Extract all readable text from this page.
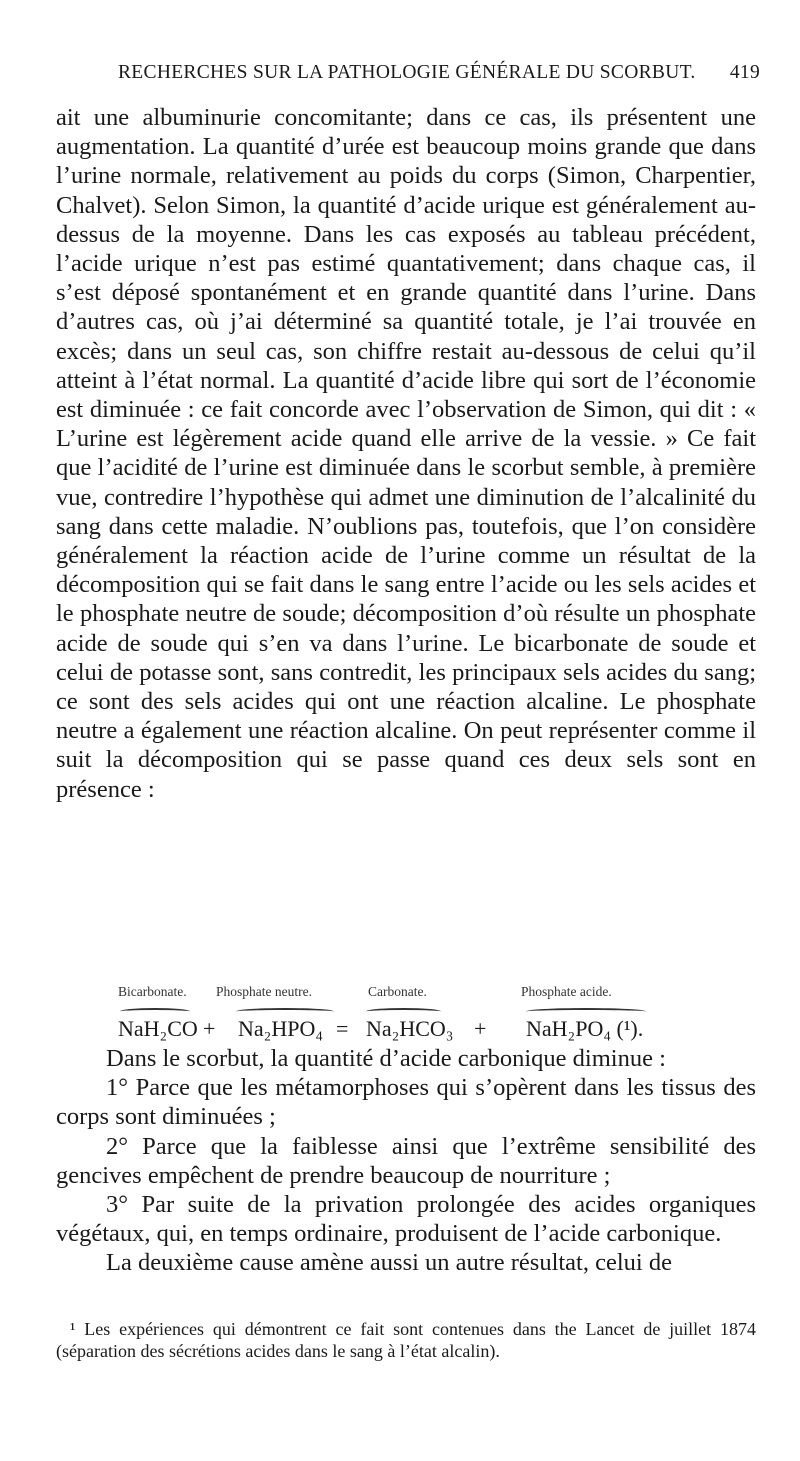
RECHERCHES SUR LA PATHOLOGIE GÉNÉRALE DU SCORBUT. 419

ait une albuminurie concomitante; dans ce cas, ils présentent une augmentation. La quantité d’urée est beaucoup moins grande que dans l’urine normale, relativement au poids du corps (Simon, Charpentier, Chalvet). Selon Simon, la quantité d’acide urique est généralement au-dessus de la moyenne. Dans les cas exposés au tableau précédent, l’acide urique n’est pas estimé quantativement; dans chaque cas, il s’est déposé spontanément et en grande quantité dans l’urine. Dans d’autres cas, où j’ai déterminé sa quantité totale, je l’ai trouvée en excès; dans un seul cas, son chiffre restait au-dessous de celui qu’il atteint à l’état normal. La quantité d’acide libre qui sort de l’économie est diminuée : ce fait concorde avec l’observation de Simon, qui dit : « L’urine est légèrement acide quand elle arrive de la vessie. » Ce fait que l’acidité de l’urine est diminuée dans le scorbut semble, à première vue, contredire l’hypothèse qui admet une diminution de l’alcalinité du sang dans cette maladie. N’oublions pas, toutefois, que l’on considère généralement la réaction acide de l’urine comme un résultat de la décomposition qui se fait dans le sang entre l’acide ou les sels acides et le phosphate neutre de soude; décomposition d’où résulte un phosphate acide de soude qui s’en va dans l’urine. Le bicarbonate de soude et celui de potasse sont, sans contredit, les principaux sels acides du sang; ce sont des sels acides qui ont une réaction alcaline. Le phosphate neutre a également une réaction alcaline. On peut représenter comme il suit la décomposition qui se passe quand ces deux sels sont en présence :

Bicarbonate. Phosphate neutre.	Carbonate.	Phosphate acide.
NaH₂CO + Na₂HPO₄ = Na₂HCO₃ + NaH₂PO₄ (¹).

Dans le scorbut, la quantité d’acide carbonique diminue :

1° Parce que les métamorphoses qui s’opèrent dans les tissus des corps sont diminuées ;

2° Parce que la faiblesse ainsi que l’extrême sensibilité des gencives empêchent de prendre beaucoup de nourriture ;

3° Par suite de la privation prolongée des acides organiques végétaux, qui, en temps ordinaire, produisent de l’acide carbonique.

La deuxième cause amène aussi un autre résultat, celui de

¹ Les expériences qui démontrent ce fait sont contenues dans the Lancet de juillet 1874 (séparation des sécrétions acides dans le sang à l’état alcalin).
